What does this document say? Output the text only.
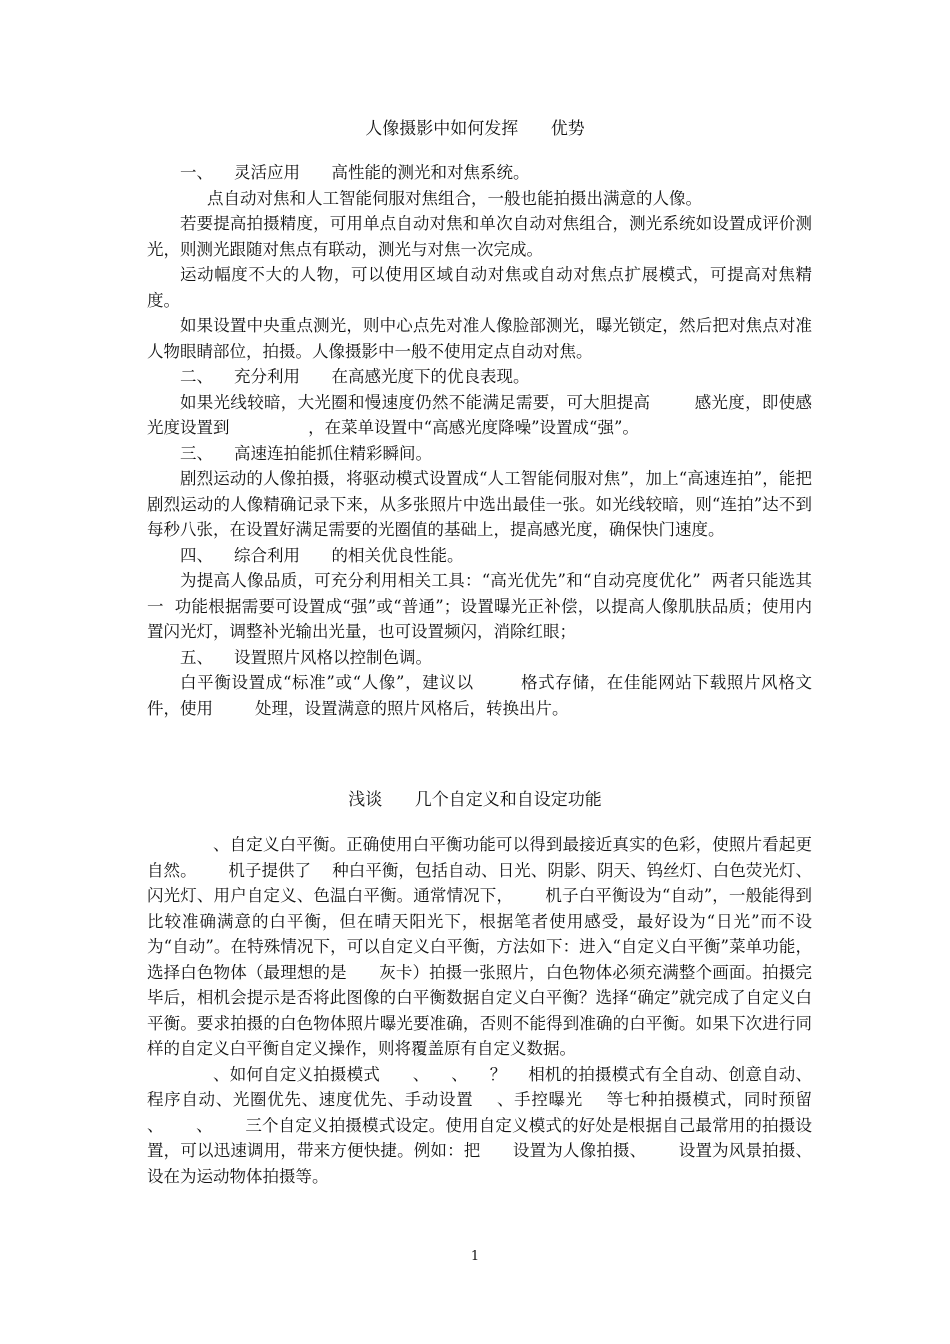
人像摄影中如何发挥      优势

一、    灵活应用      高性能的测光和对焦系统。

点自动对焦和人工智能伺服对焦组合，一般也能拍摄出满意的人像。

若要提高拍摄精度，可用单点自动对焦和单次自动对焦组合，测光系统如设置成评价测光，则测光跟随对焦点有联动，测光与对焦一次完成。

运动幅度不大的人物，可以使用区域自动对焦或自动对焦点扩展模式，可提高对焦精度。

如果设置中央重点测光，则中心点先对准人像脸部测光，曝光锁定，然后把对焦点对准人物眼睛部位，拍摄。人像摄影中一般不使用定点自动对焦。

二、    充分利用      在高感光度下的优良表现。

如果光线较暗，大光圈和慢速度仍然不能满足需要，可大胆提高        感光度，即使感光度设置到               ，在菜单设置中“高感光度降噪”设置成“强”。

三、    高速连拍能抓住精彩瞬间。

剧烈运动的人像拍摄，将驱动模式设置成“人工智能伺服对焦”，加上“高速连拍”，能把剧烈运动的人像精确记录下来，从多张照片中选出最佳一张。如光线较暗，则“连拍”达不到每秒八张，在设置好满足需要的光圈值的基础上，提高感光度，确保快门速度。

四、    综合利用      的相关优良性能。

为提高人像品质，可充分利用相关工具：“高光优先”和“自动亮度优化”  两者只能选其一  功能根据需要可设置成“强”或“普通”；设置曝光正补偿，以提高人像肌肤品质；使用内置闪光灯，调整补光输出光量，也可设置频闪，消除红眼；

五、    设置照片风格以控制色调。

白平衡设置成“标准”或“人像”，建议以        格式存储，在佳能网站下载照片风格文件，使用        处理，设置满意的照片风格后，转换出片。

浅谈      几个自定义和自设定功能

、自定义白平衡。正确使用白平衡功能可以得到最接近真实的色彩，使照片看起更自然。      机子提供了    种白平衡，包括自动、日光、阴影、阴天、钨丝灯、白色荧光灯、闪光灯、用户自定义、色温白平衡。通常情况下，      机子白平衡设为“自动”，一般能得到比较准确满意的白平衡，但在晴天阳光下，根据笔者使用感受，最好设为“日光”而不设为“自动”。在特殊情况下，可以自定义白平衡，方法如下：进入“自定义白平衡”菜单功能，选择白色物体（最理想的是      灰卡）拍摄一张照片，白色物体必须充满整个画面。拍摄完毕后，相机会提示是否将此图像的白平衡数据自定义白平衡？选择“确定”就完成了自定义白平衡。要求拍摄的白色物体照片曝光要准确，否则不能得到准确的白平衡。如果下次进行同样的自定义白平衡自定义操作，则将覆盖原有自定义数据。

、如何自定义拍摄模式      、    、    ？    相机的拍摄模式有全自动、创意自动、程序自动、光圈优先、速度优先、手动设置    、手控曝光    等七种拍摄模式，同时预留      、      、      三个自定义拍摄模式设定。使用自定义模式的好处是根据自己最常用的拍摄设置，可以迅速调用，带来方便快捷。例如：把      设置为人像拍摄、      设置为风景拍摄、      设在为运动物体拍摄等。

1
